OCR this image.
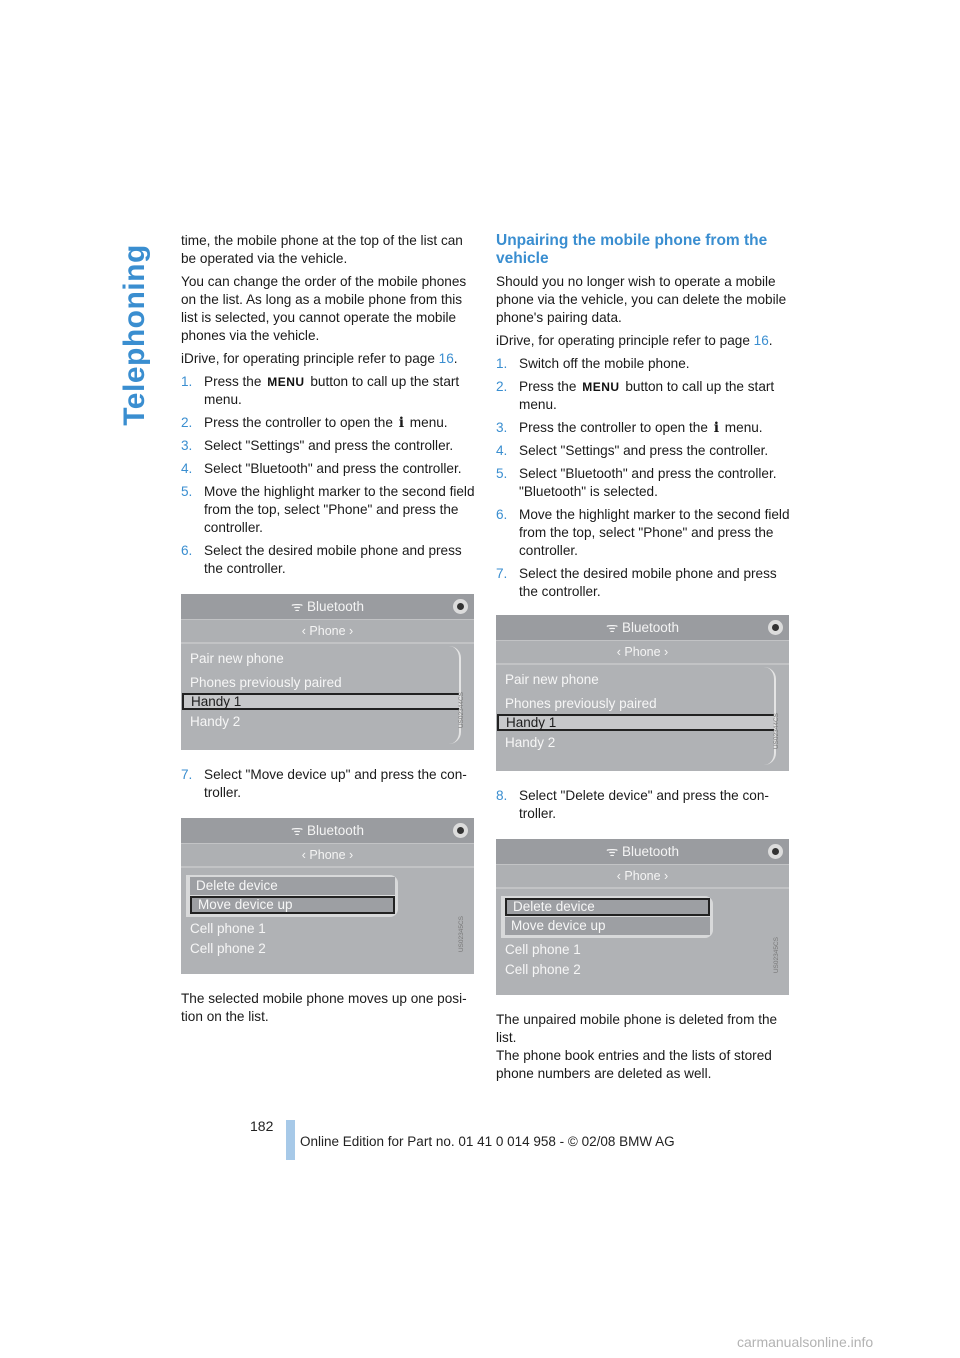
Telephoning

time, the mobile phone at the top of the list can be operated via the vehicle.

You can change the order of the mobile phones on the list. As long as a mobile phone from this list is selected, you cannot operate the mobile phones via the vehicle.

iDrive, for operating principle refer to page 16.

1. Press the MENU button to call up the start menu.
2. Press the controller to open the i menu.
3. Select "Settings" and press the controller.
4. Select "Bluetooth" and press the controller.
5. Move the highlight marker to the second field from the top, select "Phone" and press the controller.
6. Select the desired mobile phone and press the controller.
ᯤ Bluetooth
‹ Phone ›
Pair new phone
Phones previously paired
Handy 1
Handy 2	US02344CS
7. Select "Move device up" and press the con-troller.
ᯤ Bluetooth
‹ Phone ›
Delete device
Move device up
Cell phone 1
Cell phone 2	US02345CS

The selected mobile phone moves up one posi-tion on the list.

Unpairing the mobile phone from the vehicle

Should you no longer wish to operate a mobile phone via the vehicle, you can delete the mobile phone's pairing data.

iDrive, for operating principle refer to page 16.

1. Switch off the mobile phone.
2. Press the MENU button to call up the start menu.
3. Press the controller to open the i menu.
4. Select "Settings" and press the controller.
5. Select "Bluetooth" and press the controller. "Bluetooth" is selected.
6. Move the highlight marker to the second field from the top, select "Phone" and press the controller.
7. Select the desired mobile phone and press the controller.
ᯤ Bluetooth
‹ Phone ›
Pair new phone
Phones previously paired
Handy 1
Handy 2	US02344CS
8. Select "Delete device" and press the con-troller.
ᯤ Bluetooth
‹ Phone ›
Delete device
Move device up
Cell phone 1
Cell phone 2	US02345CS

The unpaired mobile phone is deleted from the list.

The phone book entries and the lists of stored phone numbers are deleted as well.

182
Online Edition for Part no. 01 41 0 014 958 - © 02/08 BMW AG
carmanualsonline.info
